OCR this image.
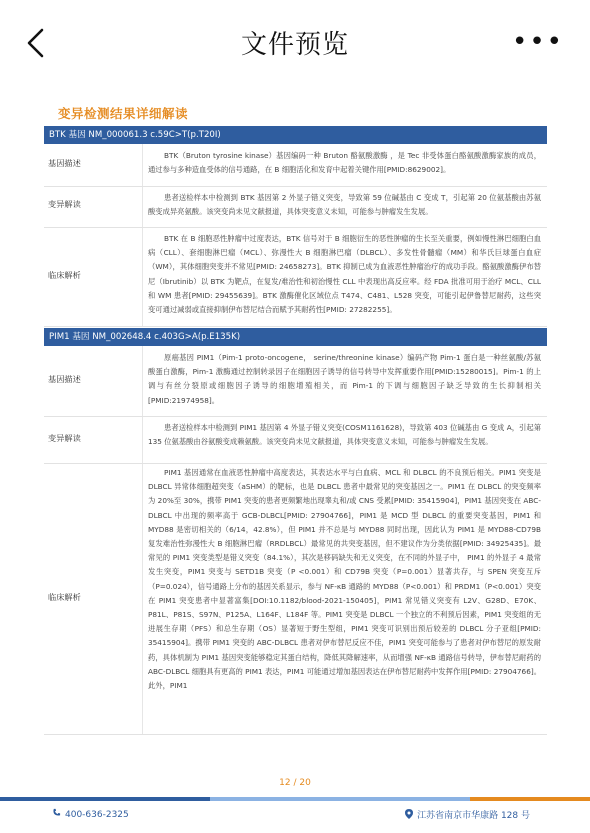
文件预览	•••
变异检测结果详细解读
BTK 基因 NM_000061.3 c.59C>T(p.T20I)
基因描述
BTK（Bruton tyrosine kinase）基因编码一种 Bruton 酪氨酸激酶 ，是 Tec 非受体蛋白酪氨酸激酶家族的成员，通过参与多种造血受体的信号通路，在 B 细胞活化和发育中起着关键作用[PMID:8629002]。
变异解读
患者送检样本中检测到 BTK 基因第 2 外显子错义突变，导致第 59 位碱基由 C 变成 T，引起第 20 位氨基酸由苏氨酸变成异亮氨酸。该突变尚未见文献报道，具体突变意义未知，可能参与肿瘤发生发展。
临床解析
BTK 在 B 细胞恶性肿瘤中过度表达，BTK 信号对于 B 细胞衍生的恶性肿瘤的生长至关重要，例如慢性淋巴细胞白血病（CLL）、套细胞淋巴瘤（MCL）、弥漫性大 B 细胞淋巴瘤（DLBCL）、多发性骨髓瘤（MM）和华氏巨球蛋白血症（WM），其体细胞突变并不常见[PMID: 24658273]。BTK 抑制已成为血液恶性肿瘤治疗的成功手段。酪氨酸激酶伊布替尼（Ibrutinib）以 BTK 为靶点，在复发/难治性和初治慢性 CLL 中表现出高反应率。经 FDA 批准可用于治疗 MCL、CLL 和 WM 患者[PMID: 29455639]。BTK 激酶催化区域位点 T474、C481、L528 突变，可能引起伊鲁替尼耐药，这些突变可通过减弱或直接抑制伊布替尼结合而赋予其耐药性[PMID: 27282255]。
PIM1 基因 NM_002648.4 c.403G>A(p.E135K)
基因描述
原癌基因 PIM1（Pim-1 proto-oncogene， serine/threonine kinase）编码产物 Pim-1 蛋白是一种丝氨酸/苏氨酸蛋白激酶，Pim-1 激酶通过控制转录因子在细胞因子诱导的信号转导中发挥重要作用[PMID:15280015]。Pim-1 的上调与有丝分裂原或细胞因子诱导的细胞增殖相关，而 Pim-1 的下调与细胞因子缺乏导致的生长抑制相关[PMID:21974958]。
变异解读
患者送检样本中检测到 PIM1 基因第 4 外显子错义突变(COSM1161628)，导致第 403 位碱基由 G 变成 A，引起第 135 位氨基酸由谷氨酸变成赖氨酸。该突变尚未见文献报道，具体突变意义未知，可能参与肿瘤发生发展。
临床解析
PIM1 基因通常在血液恶性肿瘤中高度表达，其表达水平与白血病、MCL 和 DLBCL 的不良预后相关。PIM1 突变是 DLBCL 异常体细胞超突变（aSHM）的靶标，也是 DLBCL 患者中最常见的突变基因之一。PIM1 在 DLBCL 的突变频率为 20%至 30%，携带 PIM1 突变的患者更频繁地出现睾丸和/或 CNS 受累[PMID: 35415904]，PIM1 基因突变在 ABC-DLBCL 中出现的频率高于 GCB-DLBCL[PMID: 27904766]，PIM1 是 MCD 型 DLBCL 的重要突变基因，PIM1 和 MYD88 是密切相关的（6/14，42.8%），但 PIM1 并不总是与 MYD88 同时出现，因此认为 PIM1 是 MYD88-CD79B 复发难治性弥漫性大 B 细胞淋巴瘤（RRDLBCL）最常见的共突变基因，但不建议作为分类依据[PMID: 34925435]。最常见的 PIM1 突变类型是错义突变（84.1%），其次是移码缺失和无义突变，在不同的外显子中， PIM1 的外显子 4 最常发生突变，PIM1 突变与 SETD1B 突变（P <0.001）和 CD79B 突变（P=0.001）显著共存，与 SPEN 突变互斥（P=0.024），信号通路上分布的基因关系显示，参与 NF-κB 通路的 MYD88（P<0.001）和 PRDM1（P<0.001）突变在 PIM1 突变患者中显著富集[DOI:10.1182/blood-2021-150405]，PIM1 常见错义突变有 L2V、G28D、E70K、P81L、P81S、S97N、P125A、L164F、L184F 等。PIM1 突变是 DLBCL 一个独立的不利预后因素，PIM1 突变组的无进展生存期（PFS）和总生存期（OS）显著短于野生型组，PIM1 突变可识别出预后较差的 DLBCL 分子亚组[PMID: 35415904]。携带 PIM1 突变的 ABC-DLBCL 患者对伊布替尼反应不佳，PIM1 突变可能参与了患者对伊布替尼的原发耐药，具体机制为 PIM1 基因突变能够稳定其蛋白结构，降低其降解速率，从而增强 NF-κB 通路信号转导，伊布替尼耐药的 ABC-DLBCL 细胞具有更高的 PIM1 表达，PIM1 可能通过增加基因表达在伊布替尼耐药中发挥作用[PMID: 27904766]。此外，PIM1
12 / 20
400-636-2325	江苏省南京市华康路 128 号
